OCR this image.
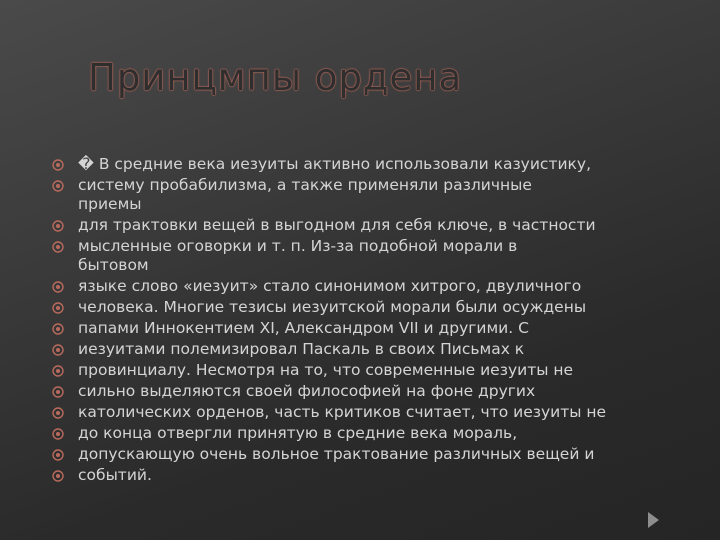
Принцмпы ордена
� В средние века иезуиты активно использовали казуистику,
систему пробабилизма, а также применяли различные
приемы
для трактовки вещей в выгодном для себя ключе, в частности
мысленные оговорки и т. п. Из-за подобной морали в
бытовом
языке слово «иезуит» стало синонимом хитрого, двуличного
человека. Многие тезисы иезуитской морали были осуждены
папами Иннокентием XI, Александром VII и другими. С
иезуитами полемизировал Паскаль в своих Письмах к
провинциалу. Несмотря на то, что современные иезуиты не
сильно выделяются своей философией на фоне других
католических орденов, часть критиков считает, что иезуиты не
до конца отвергли принятую в средние века мораль,
допускающую очень вольное трактование различных вещей и
событий.
